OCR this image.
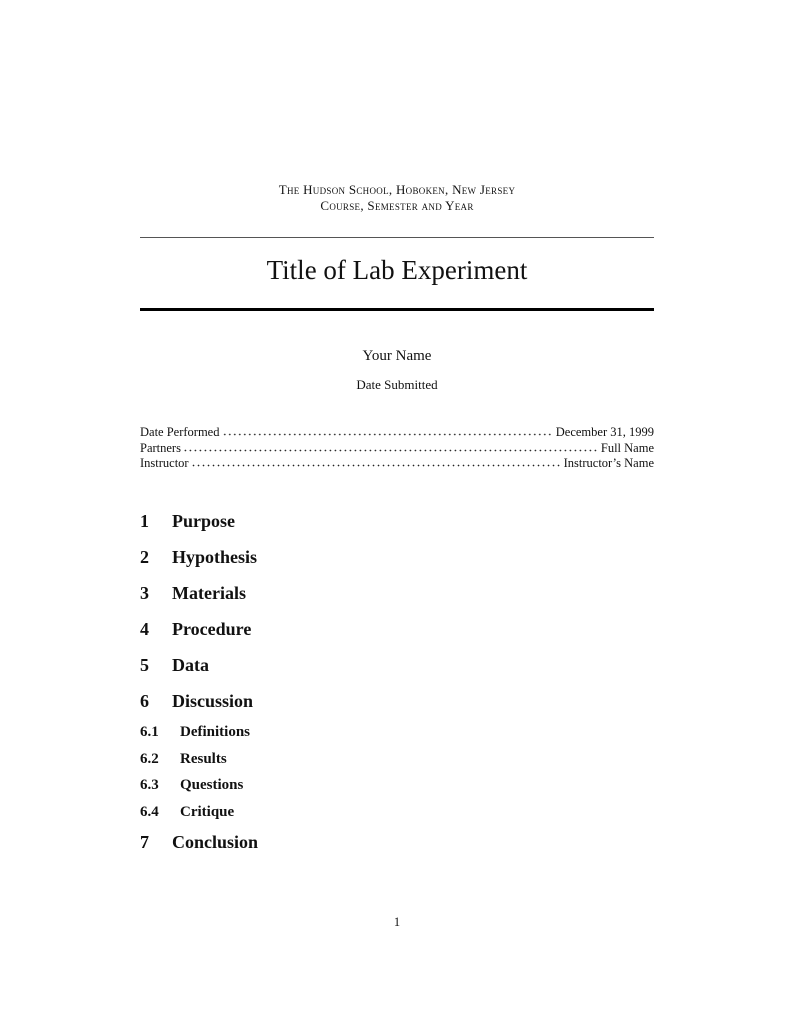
The Hudson School, Hoboken, New Jersey
Course, Semester and Year
Title of Lab Experiment
Your Name
Date Submitted
Date Performed	December 31, 1999
Partners	Full Name
Instructor	Instructor’s Name
1 Purpose
2 Hypothesis
3 Materials
4 Procedure
5 Data
6 Discussion
6.1 Definitions
6.2 Results
6.3 Questions
6.4 Critique
7 Conclusion
1
